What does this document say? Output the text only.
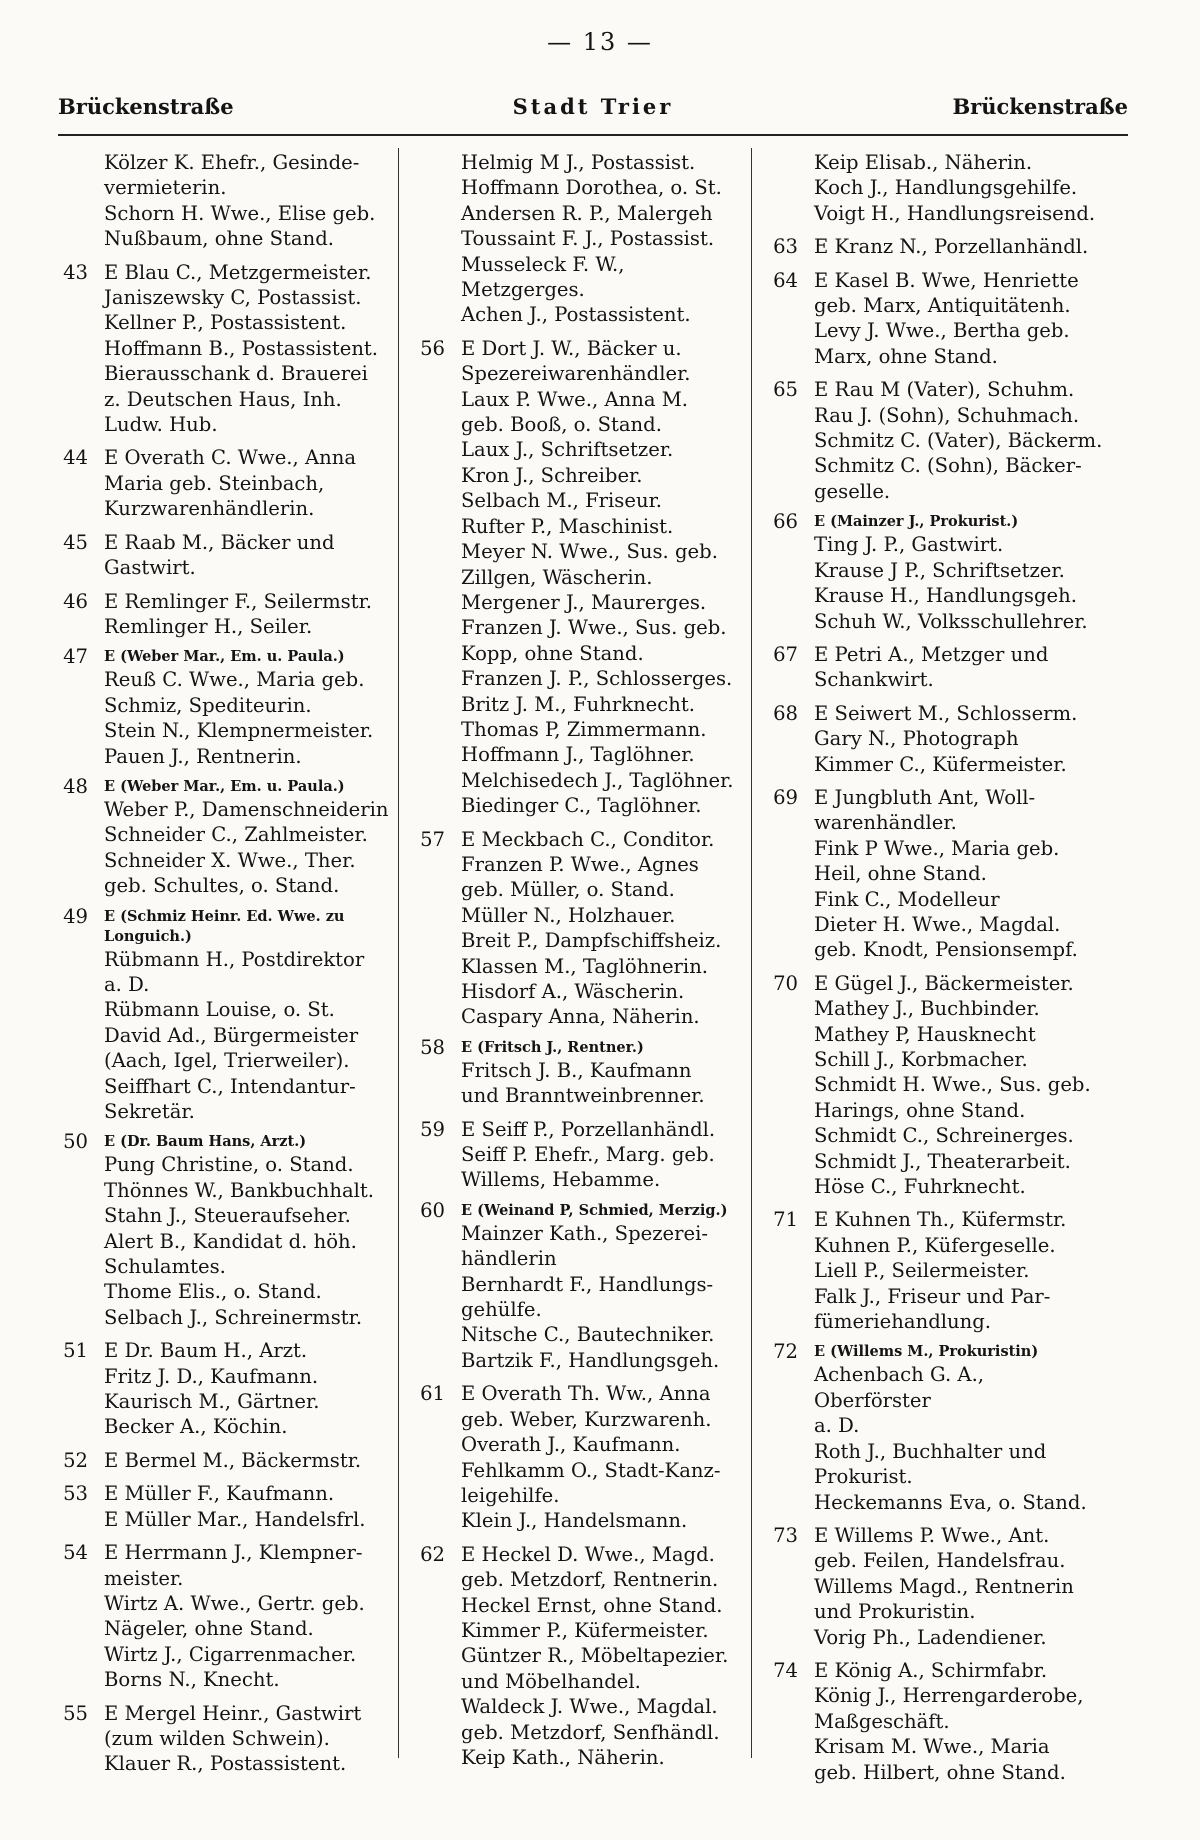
— 13 —
Brückenstraße	Stadt Trier	Brückenstraße
Kölzer K. Ehefr., Gesinde-
vermieterin.
Schorn H. Wwe., Elise geb.
Nußbaum, ohne Stand.
43 E Blau C., Metzgermeister.
Janiszewsky C, Postassist.
Kellner P., Postassistent.
Hoffmann B., Postassistent.
Bierausschank d. Brauerei
z. Deutschen Haus, Inh.
Ludw. Hub.
44 E Overath C. Wwe., Anna
Maria geb. Steinbach,
Kurzwarenhändlerin.
45 E Raab M., Bäcker und
Gastwirt.
46 E Remlinger F., Seilermstr.
Remlinger H., Seiler.
47 E (Weber Mar., Em. u. Paula.)
Reuß C. Wwe., Maria geb.
Schmiz, Spediteurin.
Stein N., Klempnermeister.
Pauen J., Rentnerin.
48 E (Weber Mar., Em. u. Paula.)
Weber P., Damenschneiderin
Schneider C., Zahlmeister.
Schneider X. Wwe., Ther.
geb. Schultes, o. Stand.
49 E (Schmiz Heinr. Ed. Wwe. zu
Longuich.)
Rübmann H., Postdirektor
a. D.
Rübmann Louise, o. St.
David Ad., Bürgermeister
(Aach, Igel, Trierweiler).
Seiffhart C., Intendantur-
Sekretär.
50 E (Dr. Baum Hans, Arzt.)
Pung Christine, o. Stand.
Thönnes W., Bankbuchhalt.
Stahn J., Steueraufseher.
Alert B., Kandidat d. höh.
Schulamtes.
Thome Elis., o. Stand.
Selbach J., Schreinermstr.
51 E Dr. Baum H., Arzt.
Fritz J. D., Kaufmann.
Kaurisch M., Gärtner.
Becker A., Köchin.
52 E Bermel M., Bäckermstr.
53 E Müller F., Kaufmann.
E Müller Mar., Handelsfrl.
54 E Herrmann J., Klempner-
meister.
Wirtz A. Wwe., Gertr. geb.
Nägeler, ohne Stand.
Wirtz J., Cigarrenmacher.
Borns N., Knecht.
55 E Mergel Heinr., Gastwirt
(zum wilden Schwein).
Klauer R., Postassistent.
Helmig M J., Postassist.
Hoffmann Dorothea, o. St.
Andersen R. P., Malergeh
Toussaint F. J., Postassist.
Musseleck F. W., Metzgerges.
Achen J., Postassistent.
56 E Dort J. W., Bäcker u.
Spezereiwarenhändler.
Laux P. Wwe., Anna M.
geb. Booß, o. Stand.
Laux J., Schriftsetzer.
Kron J., Schreiber.
Selbach M., Friseur.
Rufter P., Maschinist.
Meyer N. Wwe., Sus. geb.
Zillgen, Wäscherin.
Mergener J., Maurerges.
Franzen J. Wwe., Sus. geb.
Kopp, ohne Stand.
Franzen J. P., Schlosserges.
Britz J. M., Fuhrknecht.
Thomas P, Zimmermann.
Hoffmann J., Taglöhner.
Melchisedech J., Taglöhner.
Biedinger C., Taglöhner.
57 E Meckbach C., Conditor.
Franzen P. Wwe., Agnes
geb. Müller, o. Stand.
Müller N., Holzhauer.
Breit P., Dampfschiffsheiz.
Klassen M., Taglöhnerin.
Hisdorf A., Wäscherin.
Caspary Anna, Näherin.
58 E (Fritsch J., Rentner.)
Fritsch J. B., Kaufmann
und Branntweinbrenner.
59 E Seiff P., Porzellanhändl.
Seiff P. Ehefr., Marg. geb.
Willems, Hebamme.
60 E (Weinand P, Schmied, Merzig.)
Mainzer Kath., Spezerei-
händlerin
Bernhardt F., Handlungs-
gehülfe.
Nitsche C., Bautechniker.
Bartzik F., Handlungsgeh.
61 E Overath Th. Ww., Anna
geb. Weber, Kurzwarenh.
Overath J., Kaufmann.
Fehlkamm O., Stadt-Kanz-
leigehilfe.
Klein J., Handelsmann.
62 E Heckel D. Wwe., Magd.
geb. Metzdorf, Rentnerin.
Heckel Ernst, ohne Stand.
Kimmer P., Küfermeister.
Güntzer R., Möbeltapezier.
und Möbelhandel.
Waldeck J. Wwe., Magdal.
geb. Metzdorf, Senfhändl.
Keip Kath., Näherin.
Keip Elisab., Näherin.
Koch J., Handlungsgehilfe.
Voigt H., Handlungsreisend.
63 E Kranz N., Porzellanhändl.
64 E Kasel B. Wwe, Henriette
geb. Marx, Antiquitätenh.
Levy J. Wwe., Bertha geb.
Marx, ohne Stand.
65 E Rau M (Vater), Schuhm.
Rau J. (Sohn), Schuhmach.
Schmitz C. (Vater), Bäckerm.
Schmitz C. (Sohn), Bäcker-
geselle.
66 E (Mainzer J., Prokurist.)
Ting J. P., Gastwirt.
Krause J P., Schriftsetzer.
Krause H., Handlungsgeh.
Schuh W., Volksschullehrer.
67 E Petri A., Metzger und
Schankwirt.
68 E Seiwert M., Schlosserm.
Gary N., Photograph
Kimmer C., Küfermeister.
69 E Jungbluth Ant, Woll-
warenhändler.
Fink P Wwe., Maria geb.
Heil, ohne Stand.
Fink C., Modelleur
Dieter H. Wwe., Magdal.
geb. Knodt, Pensionsempf.
70 E Gügel J., Bäckermeister.
Mathey J., Buchbinder.
Mathey P, Hausknecht
Schill J., Korbmacher.
Schmidt H. Wwe., Sus. geb.
Harings, ohne Stand.
Schmidt C., Schreinerges.
Schmidt J., Theaterarbeit.
Höse C., Fuhrknecht.
71 E Kuhnen Th., Küfermstr.
Kuhnen P., Küfergeselle.
Liell P., Seilermeister.
Falk J., Friseur und Par-
fümeriehandlung.
72 E (Willems M., Prokuristin)
Achenbach G. A., Oberförster
a. D.
Roth J., Buchhalter und
Prokurist.
Heckemanns Eva, o. Stand.
73 E Willems P. Wwe., Ant.
geb. Feilen, Handelsfrau.
Willems Magd., Rentnerin
und Prokuristin.
Vorig Ph., Ladendiener.
74 E König A., Schirmfabr.
König J., Herrengarderobe,
Maßgeschäft.
Krisam M. Wwe., Maria
geb. Hilbert, ohne Stand.
